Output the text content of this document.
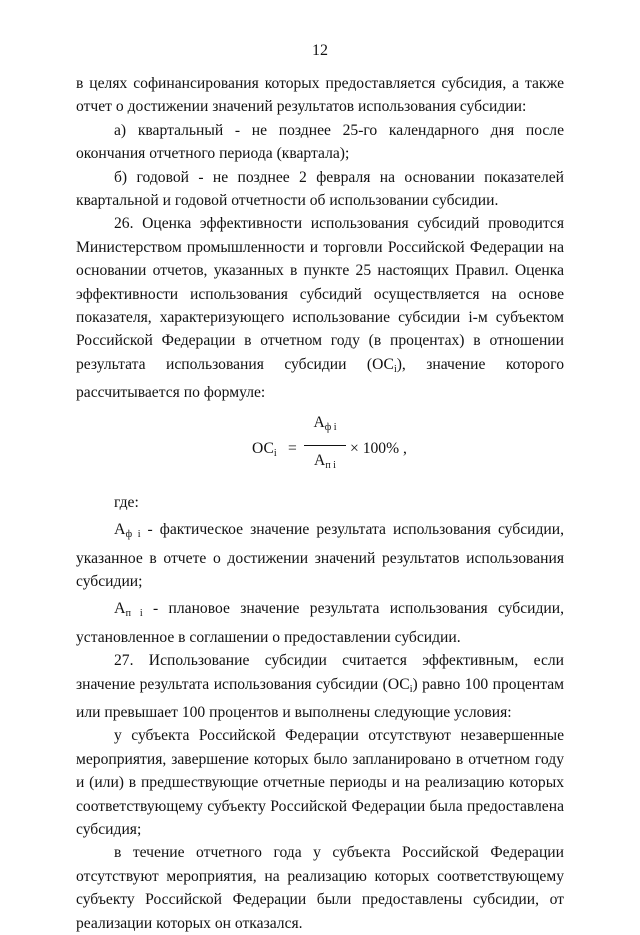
12

в целях софинансирования которых предоставляется субсидия, а также отчет о достижении значений результатов использования субсидии:

а) квартальный - не позднее 25-го календарного дня после окончания отчетного периода (квартала);

б) годовой - не позднее 2 февраля на основании показателей квартальной и годовой отчетности об использовании субсидии.

26. Оценка эффективности использования субсидий проводится Министерством промышленности и торговли Российской Федерации на основании отчетов, указанных в пункте 25 настоящих Правил. Оценка эффективности использования субсидий осуществляется на основе показателя, характеризующего использование субсидии i-м субъектом Российской Федерации в отчетном году (в процентах) в отношении результата использования субсидии $(ОС_i)$, значение которого рассчитывается по формуле:

$ОС_i$ =
$А_{ф i}$
$А_{п i}$
× 100% ,

где:

$А_{ф i}$ - фактическое значение результата использования субсидии, указанное в отчете о достижении значений результатов использования субсидии;

$А_{п i}$ - плановое значение результата использования субсидии, установленное в соглашении о предоставлении субсидии.

27. Использование субсидии считается эффективным, если значение результата использования субсидии $(ОС_i)$ равно 100 процентам или превышает 100 процентов и выполнены следующие условия:

у субъекта Российской Федерации отсутствуют незавершенные мероприятия, завершение которых было запланировано в отчетном году и (или) в предшествующие отчетные периоды и на реализацию которых соответствующему субъекту Российской Федерации была предоставлена субсидия;

в течение отчетного года у субъекта Российской Федерации отсутствуют мероприятия, на реализацию которых соответствующему субъекту Российской Федерации были предоставлены субсидии, от реализации которых он отказался.
